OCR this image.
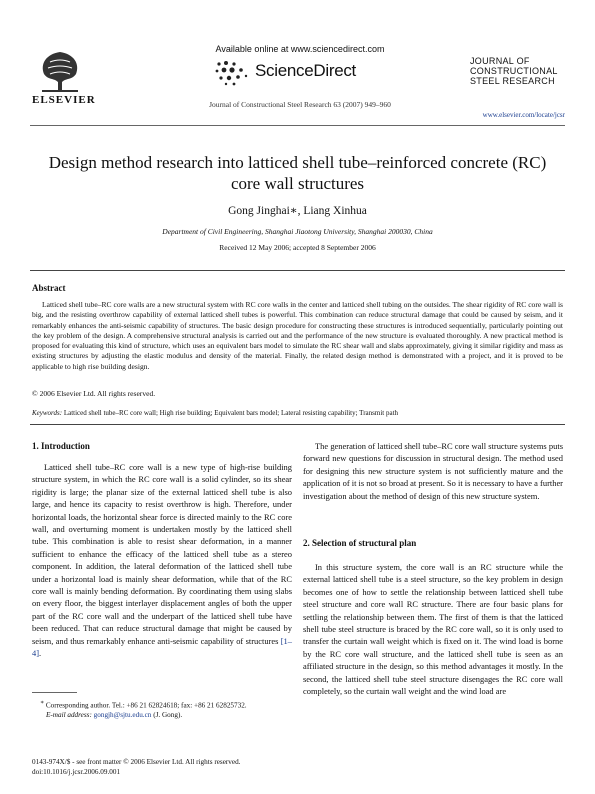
Available online at www.sciencedirect.com
ScienceDirect
ELSEVIER	Journal of Constructional Steel Research 63 (2007) 949–960
JOURNAL OF
CONSTRUCTIONAL
STEEL RESEARCH
www.elsevier.com/locate/jcsr
Design method research into latticed shell tube–reinforced concrete (RC) core wall structures
Gong Jinghai∗, Liang Xinhua
Department of Civil Engineering, Shanghai Jiaotong University, Shanghai 200030, China
Received 12 May 2006; accepted 8 September 2006
Abstract
Latticed shell tube–RC core walls are a new structural system with RC core walls in the center and latticed shell tubing on the outsides. The shear rigidity of RC core wall is big, and the resisting overthrow capability of external latticed shell tubes is powerful. This combination can reduce structural damage that could be caused by seism, and it remarkably enhances the anti-seismic capability of structures. The basic design procedure for constructing these structures is introduced sequentially, particularly pointing out the key problem of the design. A comprehensive structural analysis is carried out and the performance of the new structure is evaluated thoroughly. A new practical method is proposed for evaluating this kind of structure, which uses an equivalent bars model to simulate the RC shear wall and slabs approximately, giving it similar rigidity and mass as existing structures by adjusting the elastic modulus and density of the material. Finally, the related design method is demonstrated with a project, and it is proved to be applicable to high rise building design.
© 2006 Elsevier Ltd. All rights reserved.
Keywords: Latticed shell tube–RC core wall; High rise building; Equivalent bars model; Lateral resisting capability; Transmit path
1. Introduction

Latticed shell tube–RC core wall is a new type of high-rise building structure system, in which the RC core wall is a solid cylinder, so its shear rigidity is large; the planar size of the external latticed shell tube is also large, and hence its capacity to resist overthrow is high. Therefore, under horizontal loads, the horizontal shear force is directed mainly to the RC core wall, and overturning moment is undertaken mostly by the latticed shell tube. This combination is able to resist shear deformation, in a manner sufficient to enhance the efficacy of the latticed shell tube as a stereo component. In addition, the lateral deformation of the latticed shell tube under a horizontal load is mainly shear deformation, while that of the RC core wall is mainly bending deformation. By coordinating them using slabs on every floor, the biggest interlayer displacement angles of both the upper part of the RC core wall and the underpart of the latticed shell tube have been reduced. That can reduce structural damage that might be caused by seism, and thus remarkably enhance anti-seismic capability of structures [1–4].

The generation of latticed shell tube–RC core wall structure systems puts forward new questions for discussion in structural design. The method used for designing this new structure system is not sufficiently mature and the application of it is not so broad at present. So it is necessary to have a further investigation about the method of design of this new structure system.

2. Selection of structural plan

In this structure system, the core wall is an RC structure while the external latticed shell tube is a steel structure, so the key problem in design becomes one of how to settle the relationship between latticed shell tube steel structure and core wall RC structure. There are four basic plans for settling the relationship between them. The first of them is that the latticed shell tube steel structure is braced by the RC core wall, so it is only used to transfer the curtain wall weight which is fixed on it. The wind load is borne by the RC core wall structure, and the latticed shell tube is seen as an affiliated structure in the design, so this method advantages it mostly. In the second, the latticed shell tube steel structure disengages the RC core wall completely, so the curtain wall weight and the wind load are

∗ Corresponding author. Tel.: +86 21 62824618; fax: +86 21 62825732.
E-mail address: gongjh@sjtu.edu.cn (J. Gong).
0143-974X/$ - see front matter © 2006 Elsevier Ltd. All rights reserved.
doi:10.1016/j.jcsr.2006.09.001
